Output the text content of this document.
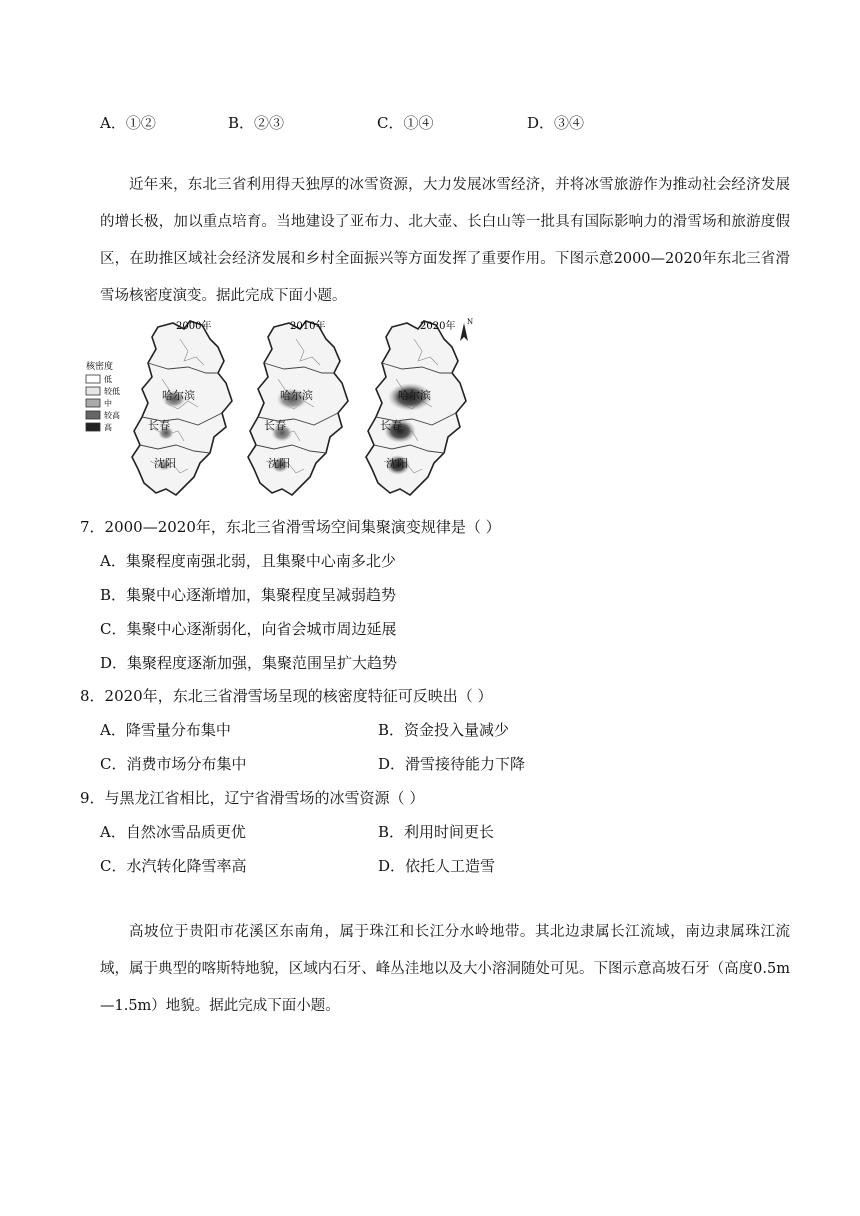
A．①②	B．②③	C．①④	D．③④
近年来，东北三省利用得天独厚的冰雪资源，大力发展冰雪经济，并将冰雪旅游作为推动社会经济发展的增长极，加以重点培育。当地建设了亚布力、北大壶、长白山等一批具有国际影响力的滑雪场和旅游度假区，在助推区域社会经济发展和乡村全面振兴等方面发挥了重要作用。下图示意2000—2020年东北三省滑雪场核密度演变。据此完成下面小题。
2000年	2010年	2020年 N
哈尔滨
长春
沈阳
哈尔滨
长春
沈阳
哈尔滨
长春
沈阳
核密度
低
较低
中
较高
高
7．2000—2020年，东北三省滑雪场空间集聚演变规律是（ ）
A．集聚程度南强北弱，且集聚中心南多北少
B．集聚中心逐渐增加，集聚程度呈减弱趋势
C．集聚中心逐渐弱化，向省会城市周边延展
D．集聚程度逐渐加强，集聚范围呈扩大趋势
8．2020年，东北三省滑雪场呈现的核密度特征可反映出（ ）
A．降雪量分布集中	B．资金投入量减少
C．消费市场分布集中	D．滑雪接待能力下降
9．与黑龙江省相比，辽宁省滑雪场的冰雪资源（ ）
A．自然冰雪品质更优	B．利用时间更长
C．水汽转化降雪率高	D．依托人工造雪
高坡位于贵阳市花溪区东南角，属于珠江和长江分水岭地带。其北边隶属长江流域，南边隶属珠江流域，属于典型的喀斯特地貌，区域内石牙、峰丛洼地以及大小溶洞随处可见。下图示意高坡石牙（高度0.5m—1.5m）地貌。据此完成下面小题。
